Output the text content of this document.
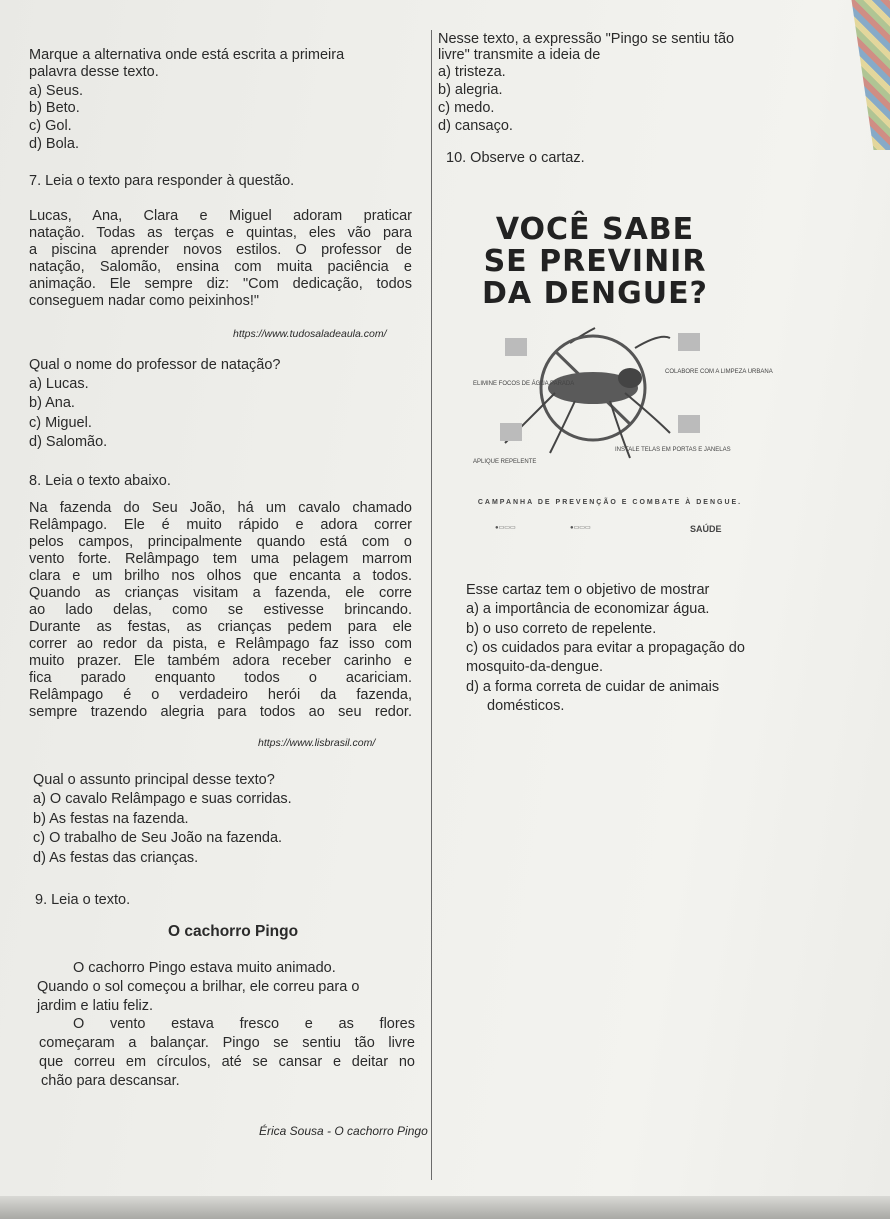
Marque a alternativa onde está escrita a primeira
palavra desse texto.
a) Seus.
b) Beto.
c) Gol.
d) Bola.
7. Leia o texto para responder à questão.
Lucas, Ana, Clara e Miguel adoram praticar
natação. Todas as terças e quintas, eles vão para
a piscina aprender novos estilos. O professor de
natação, Salomão, ensina com muita paciência e
animação. Ele sempre diz: "Com dedicação, todos
conseguem nadar como peixinhos!"
https://www.tudosaladeaula.com/
Qual o nome do professor de natação?
a) Lucas.
b) Ana.
c) Miguel.
d) Salomão.
8. Leia o texto abaixo.
Na fazenda do Seu João, há um cavalo chamado
Relâmpago. Ele é muito rápido e adora correr
pelos campos, principalmente quando está com o
vento forte. Relâmpago tem uma pelagem marrom
clara e um brilho nos olhos que encanta a todos.
Quando as crianças visitam a fazenda, ele corre
ao lado delas, como se estivesse brincando.
Durante as festas, as crianças pedem para ele
correr ao redor da pista, e Relâmpago faz isso com
muito prazer. Ele também adora receber carinho e
fica parado enquanto todos o acariciam.
Relâmpago é o verdadeiro herói da fazenda,
sempre trazendo alegria para todos ao seu redor.
https://www.lisbrasil.com/
Qual o assunto principal desse texto?
a) O cavalo Relâmpago e suas corridas.
b) As festas na fazenda.
c) O trabalho de Seu João na fazenda.
d) As festas das crianças.
9. Leia o texto.
O cachorro Pingo
O cachorro Pingo estava muito animado.
Quando o sol começou a brilhar, ele correu para o
jardim e latiu feliz.
O vento estava fresco e as flores
começaram a balançar. Pingo se sentiu tão livre
que correu em círculos, até se cansar e deitar no
chão para descansar.
Érica Sousa - O cachorro Pingo
Nesse texto, a expressão "Pingo se sentiu tão
livre" transmite a ideia de
a) tristeza.
b) alegria.
c) medo.
d) cansaço.
10. Observe o cartaz.
VOCÊ SABE
SE PREVINIR
DA DENGUE?
ELIMINE FOCOS DE ÁGUA PARADA
COLABORE COM A LIMPEZA URBANA
APLIQUE REPELENTE
INSTALE TELAS EM PORTAS E JANELAS
CAMPANHA DE PREVENÇÃO E COMBATE À DENGUE.
●▭▭▭	●▭▭▭	SAÚDE
Esse cartaz tem o objetivo de mostrar
a) a importância de economizar água.
b) o uso correto de repelente.
c) os cuidados para evitar a propagação do
mosquito-da-dengue.
d) a forma correta de cuidar de animais
domésticos.
